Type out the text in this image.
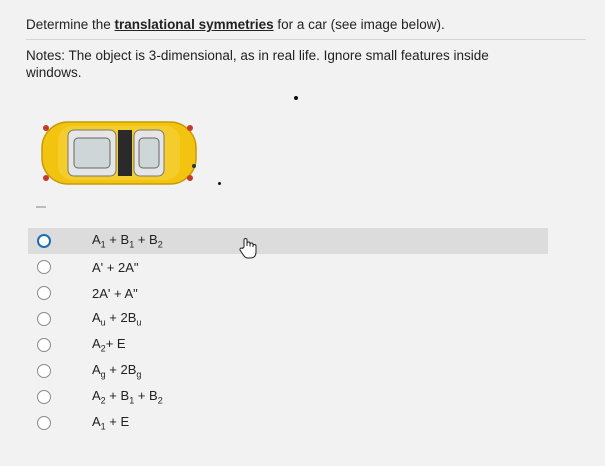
Determine the translational symmetries for a car (see image below).
Notes: The object is 3-dimensional, as in real life. Ignore small features inside windows.
$A_1 + B_1 + B_2$
A' + 2A"
2A' + A"
$A_u + 2B_u$
$A_2+ E$
$A_g + 2B_g$
$A_2 + B_1 + B_2$
$A_1 + E$
